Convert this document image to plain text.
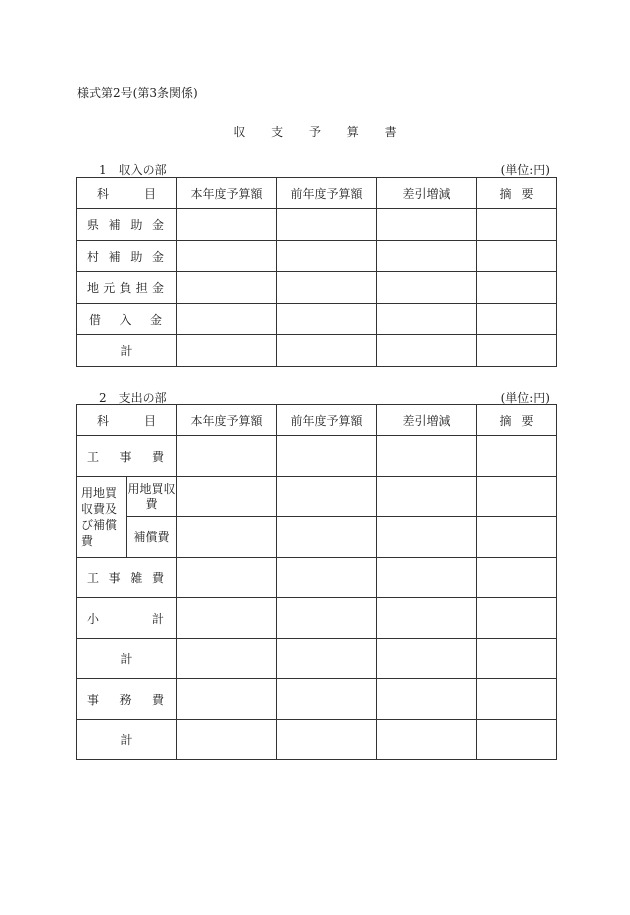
様式第2号(第3条関係)
収 支 予 算 書
1　収入の部	(単位:円)
科　目	本年度予算額	前年度予算額	差引増減	摘要
県補助金				
村補助金				
地元負担金				
借入金				
計				
2　支出の部	(単位:円)
科　目		本年度予算額	前年度予算額	差引増減	摘要
工事費					
用地買収費及び補償費	用地買収費				
	補償費				
工事雑費					
小計					
計					
事務費					
計					
